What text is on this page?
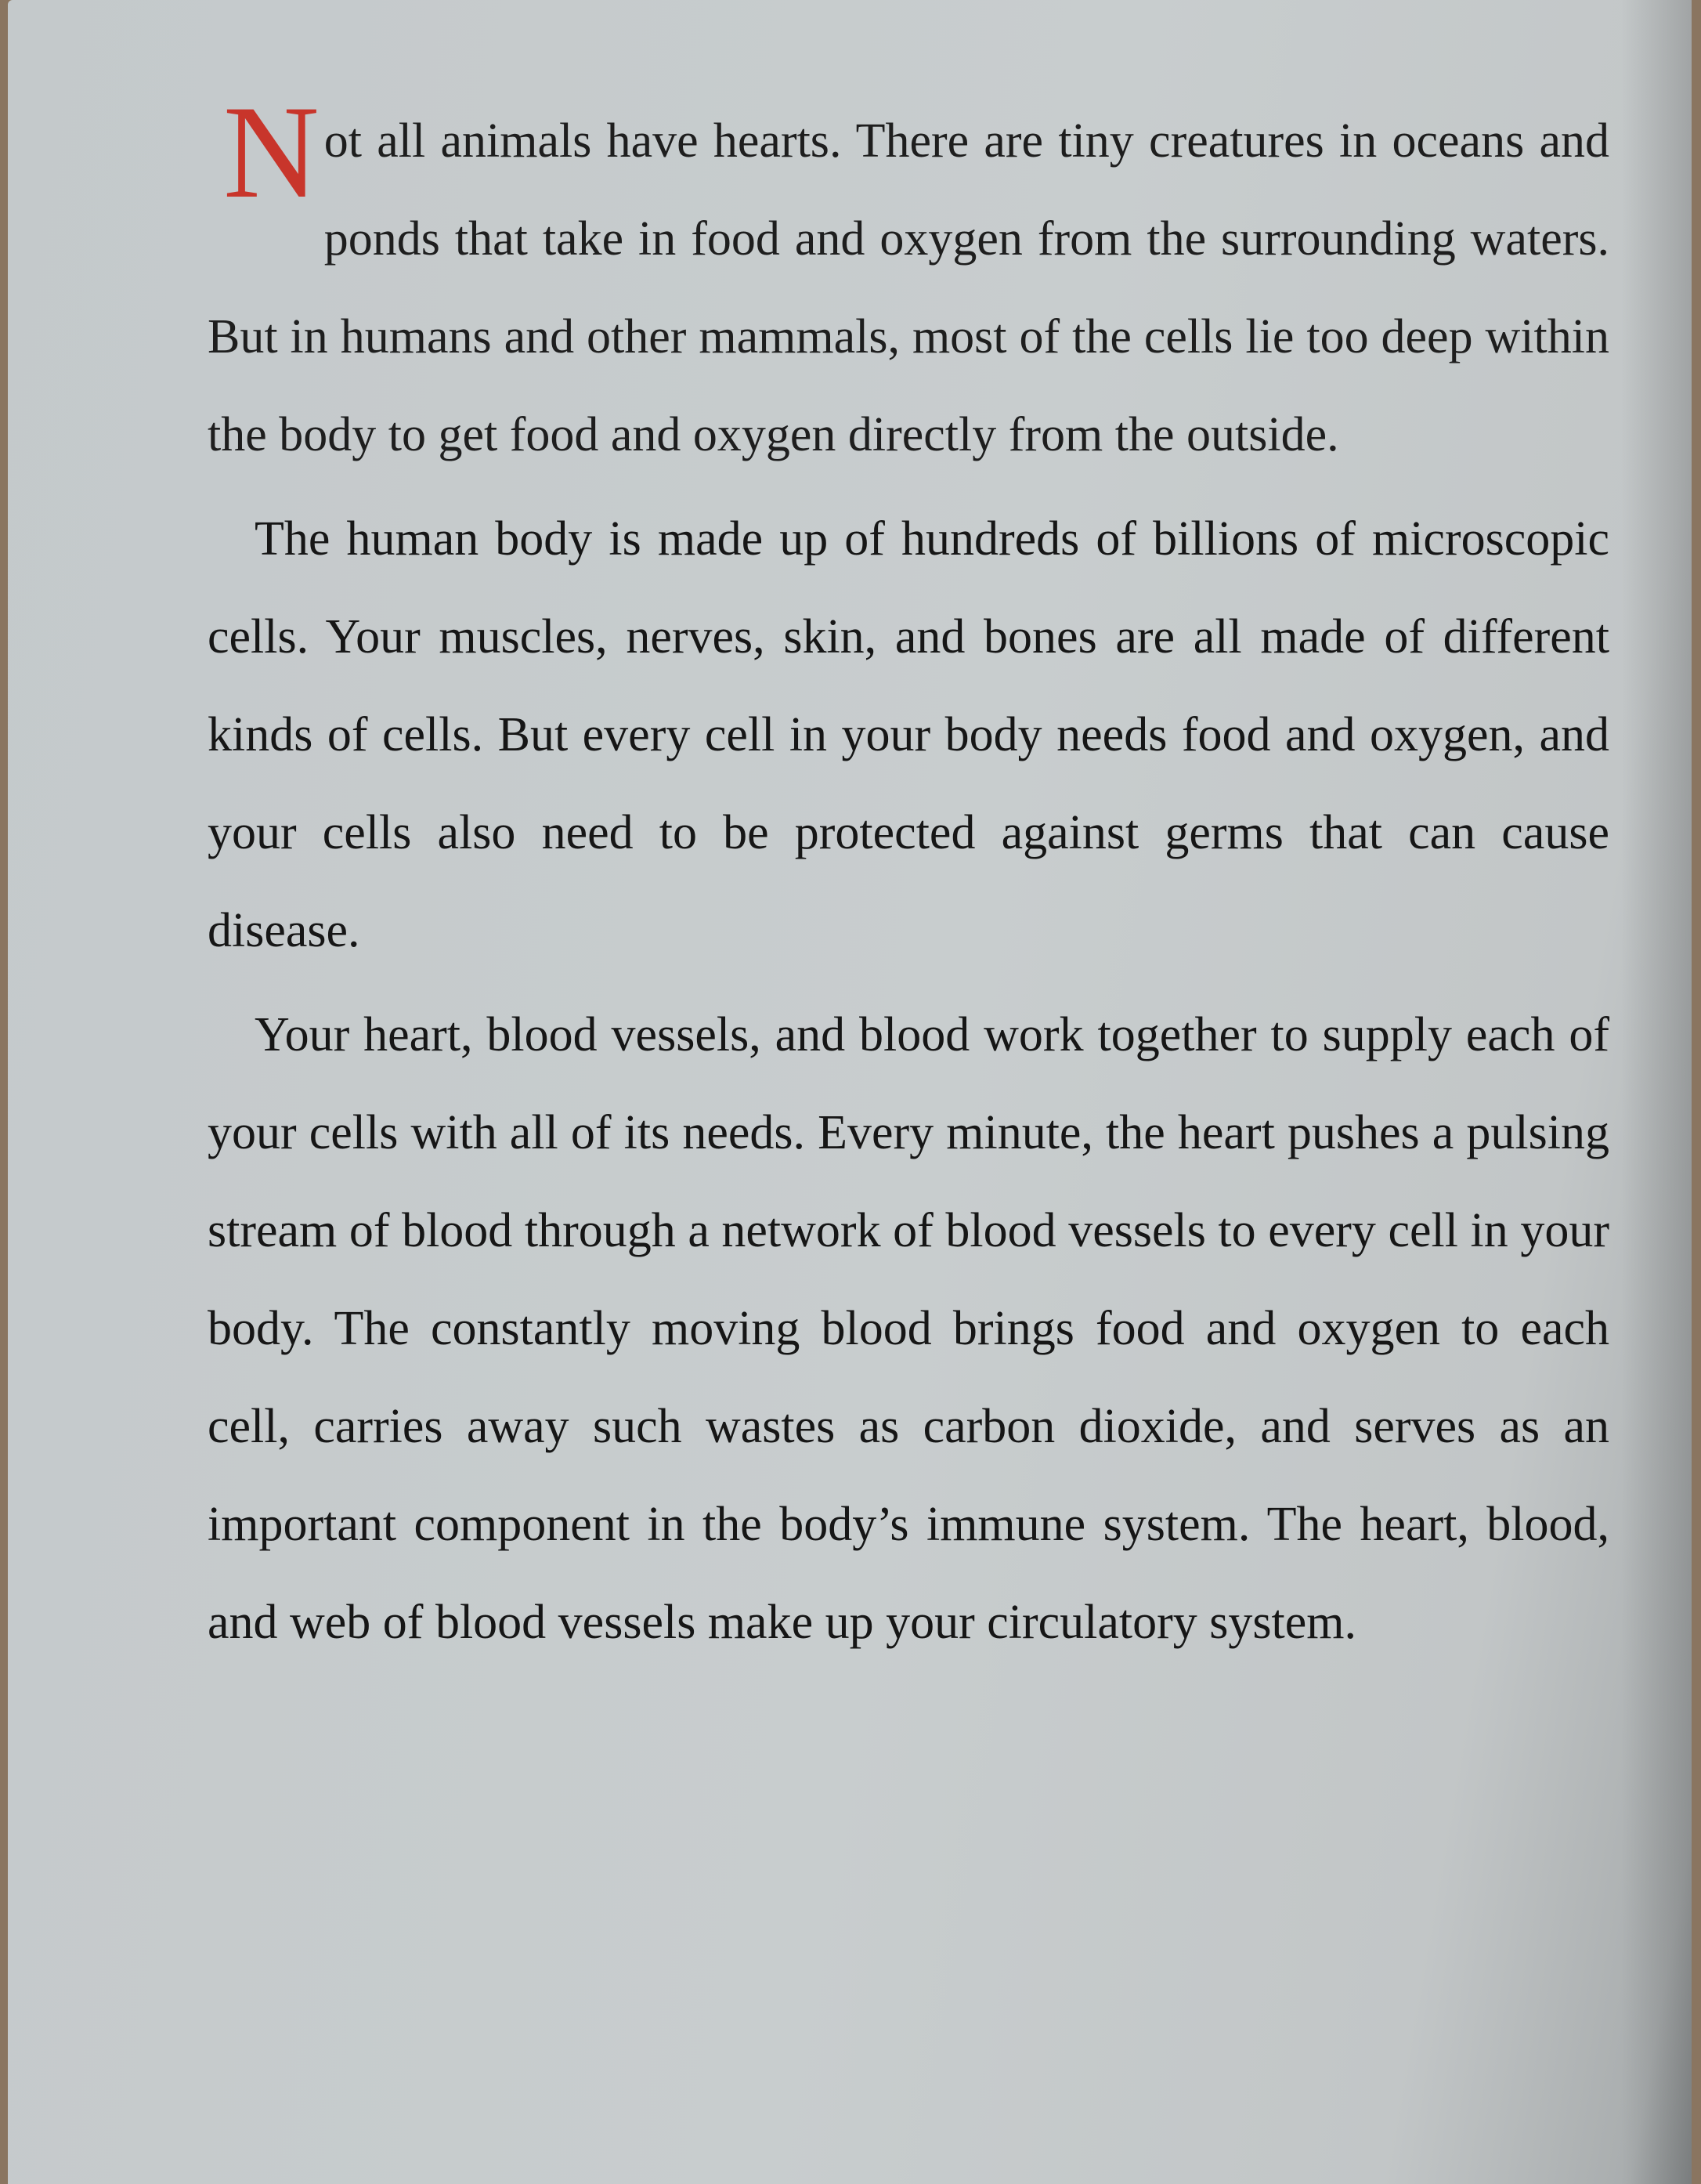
N ot all animals have hearts. There are tiny creatures in oceans and ponds that take in food and oxygen from the surrounding waters. But in humans and other mammals, most of the cells lie too deep within the body to get food and oxygen directly from the outside.

The human body is made up of hundreds of billions of microscopic cells. Your muscles, nerves, skin, and bones are all made of different kinds of cells. But every cell in your body needs food and oxygen, and your cells also need to be protected against germs that can cause disease.

Your heart, blood vessels, and blood work together to supply each of your cells with all of its needs. Every minute, the heart pushes a pulsing stream of blood through a network of blood vessels to every cell in your body. The constantly moving blood brings food and oxygen to each cell, carries away such wastes as carbon dioxide, and serves as an important component in the body’s immune system. The heart, blood, and web of blood vessels make up your circulatory system.
